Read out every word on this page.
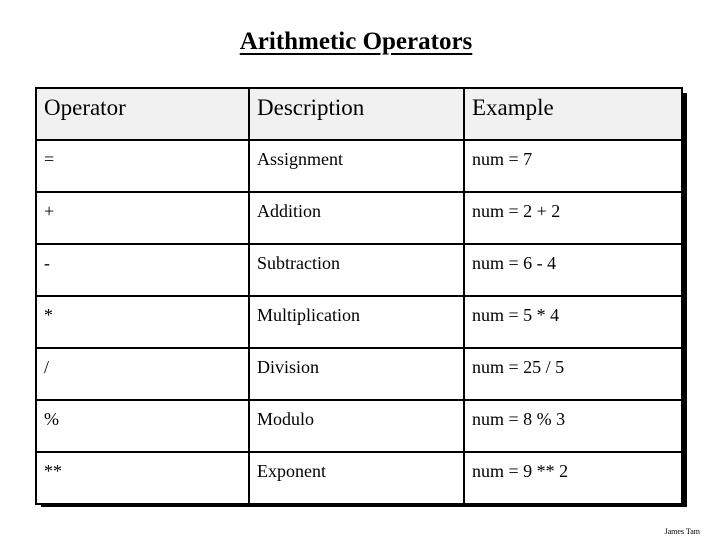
Arithmetic Operators
Operator	Description	Example
=	Assignment	num = 7
+	Addition	num = 2 + 2
-	Subtraction	num = 6 - 4
*	Multiplication	num = 5 * 4
/	Division	num = 25 / 5
%	Modulo	num = 8 % 3
**	Exponent	num = 9 ** 2
James Tam
